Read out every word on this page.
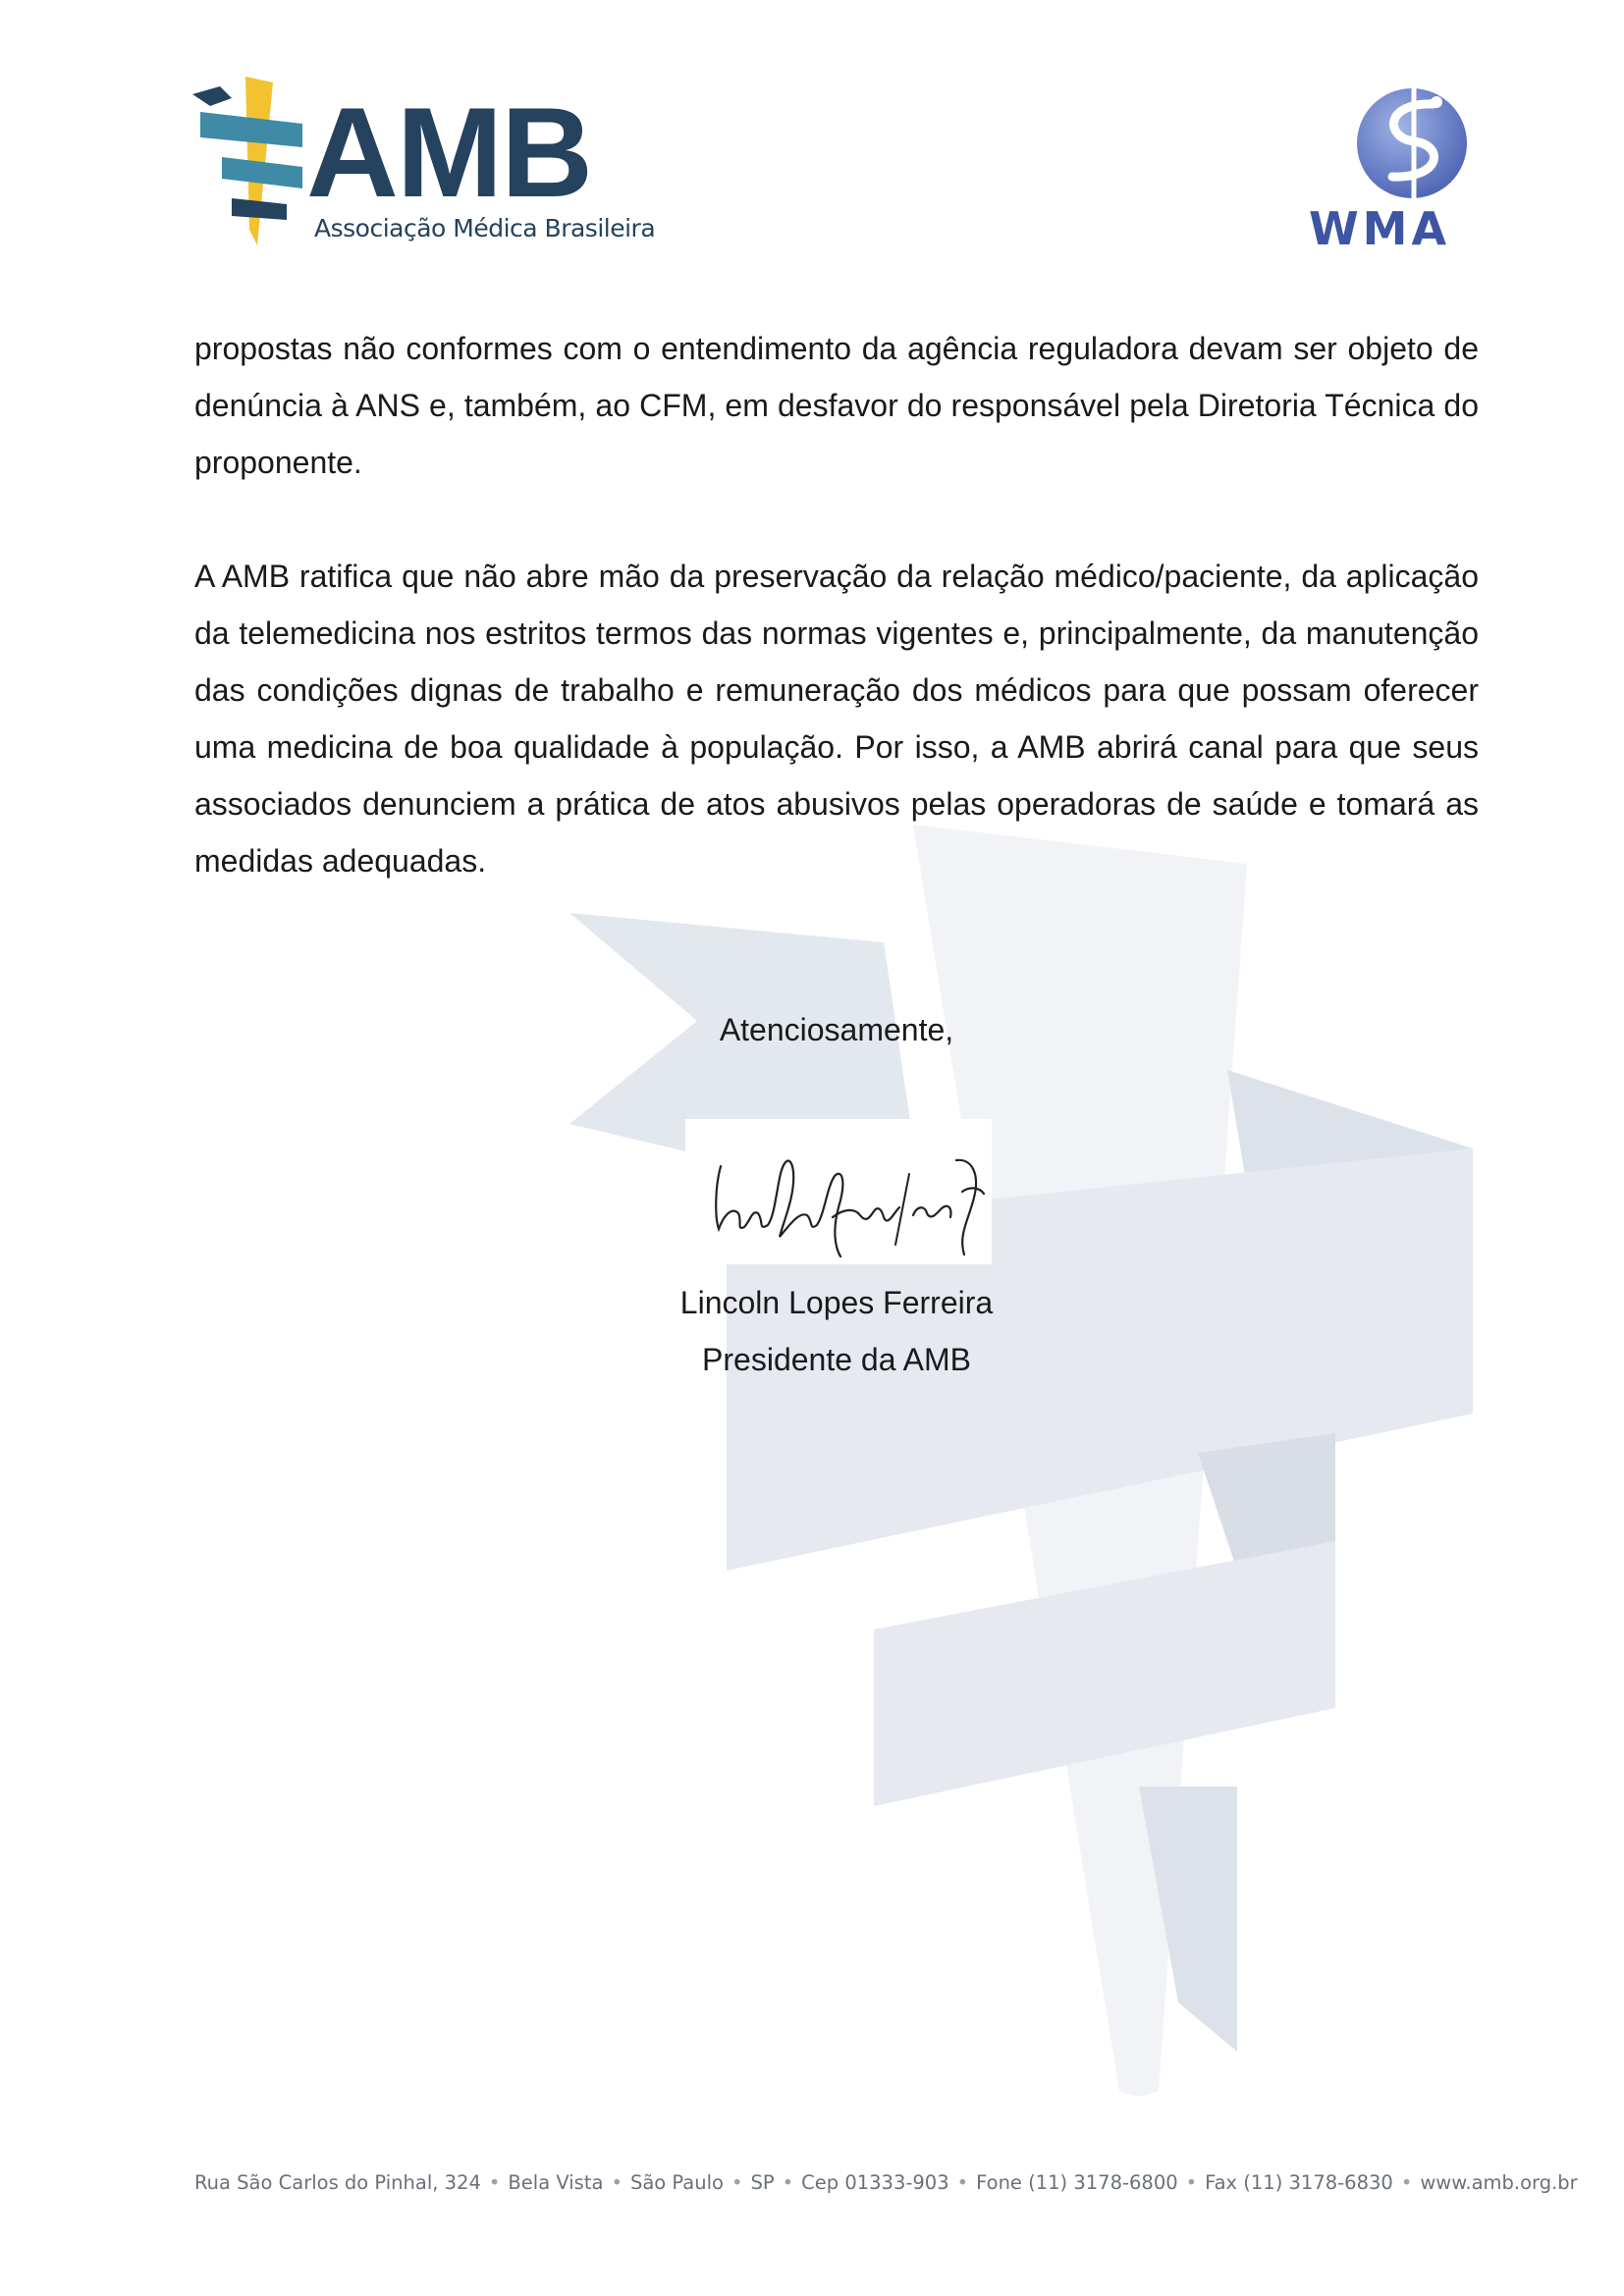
AMB
Associação Médica Brasileira	WMA

propostas não conformes com o entendimento da agência reguladora devam ser objeto de denúncia à ANS e, também, ao CFM, em desfavor do responsável pela Diretoria Técnica do proponente.

A AMB ratifica que não abre mão da preservação da relação médico/paciente, da aplicação da telemedicina nos estritos termos das normas vigentes e, principalmente, da manutenção das condições dignas de trabalho e remuneração dos médicos para que possam oferecer uma medicina de boa qualidade à população. Por isso, a AMB abrirá canal para que seus associados denunciem a prática de atos abusivos pelas operadoras de saúde e tomará as medidas adequadas.

Atenciosamente,
Lincoln Lopes Ferreira
Presidente da AMB
Rua São Carlos do Pinhal, 324 • Bela Vista • São Paulo • SP • Cep 01333-903 • Fone (11) 3178-6800 • Fax (11) 3178-6830 • www.amb.org.br
